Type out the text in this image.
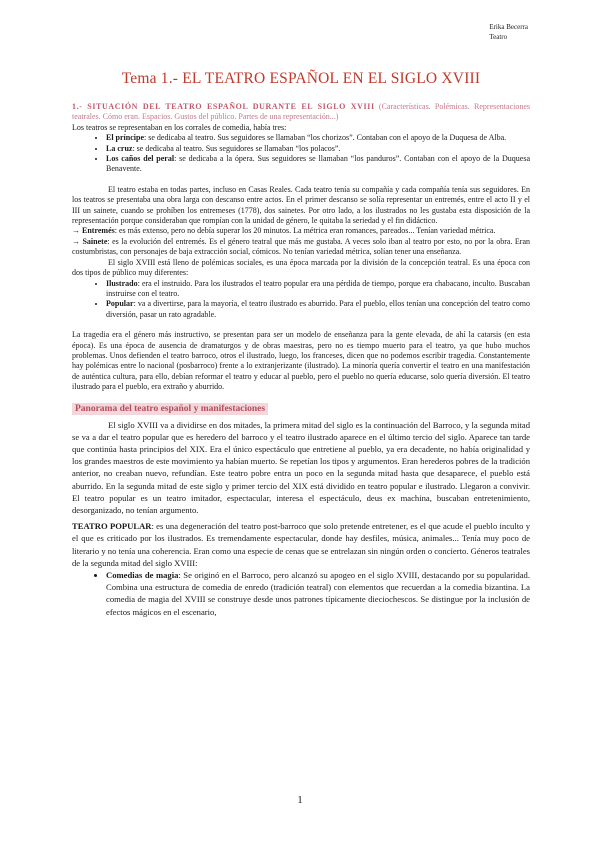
Erika Becerra
Teatro
Tema 1.- EL TEATRO ESPAÑOL EN EL SIGLO XVIII

1.- SITUACIÓN DEL TEATRO ESPAÑOL DURANTE EL SIGLO XVIII (Características. Polémicas. Representaciones teatrales. Cómo eran. Espacios. Gustos del público. Partes de una representación...)

Los teatros se representaban en los corrales de comedia, había tres:

• El príncipe: se dedicaba al teatro. Sus seguidores se llamaban “los chorizos”. Contaban con el apoyo de la Duquesa de Alba.
• La cruz: se dedicaba al teatro. Sus seguidores se llamaban “los polacos”.
• Los caños del peral: se dedicaba a la ópera. Sus seguidores se llamaban “los panduros”. Contaban con el apoyo de la Duquesa Benavente.

El teatro estaba en todas partes, incluso en Casas Reales. Cada teatro tenía su compañía y cada compañía tenía sus seguidores. En los teatros se presentaba una obra larga con descanso entre actos. En el primer descanso se solía representar un entremés, entre el acto II y el III un sainete, cuando se prohíben los entremeses (1778), dos sainetes. Por otro lado, a los ilustrados no les gustaba esta disposición de la representación porque consideraban que rompían con la unidad de género, le quitaba la seriedad y el fin didáctico.

→ Entremés: es más extenso, pero no debía superar los 20 minutos. La métrica eran romances, pareados... Tenían variedad métrica.

→ Sainete: es la evolución del entremés. Es el género teatral que más me gustaba. A veces solo iban al teatro por esto, no por la obra. Eran costumbristas, con personajes de baja extracción social, cómicos. No tenían variedad métrica, solían tener una enseñanza.

El siglo XVIII está lleno de polémicas sociales, es una época marcada por la división de la concepción teatral. Es una época con dos tipos de público muy diferentes:

• Ilustrado: era el instruido. Para los ilustrados el teatro popular era una pérdida de tiempo, porque era chabacano, inculto. Buscaban instruirse con el teatro.
• Popular: va a divertirse, para la mayoría, el teatro ilustrado es aburrido. Para el pueblo, ellos tenían una concepción del teatro como diversión, pasar un rato agradable.

La tragedia era el género más instructivo, se presentan para ser un modelo de enseñanza para la gente elevada, de ahí la catarsis (en esta época). Es una época de ausencia de dramaturgos y de obras maestras, pero no es tiempo muerto para el teatro, ya que hubo muchos problemas. Unos defienden el teatro barroco, otros el ilustrado, luego, los franceses, dicen que no podemos escribir tragedia. Constantemente hay polémicas entre lo nacional (posbarroco) frente a lo extranjerizante (ilustrado). La minoría quería convertir el teatro en una manifestación de auténtica cultura, para ello, debían reformar el teatro y educar al pueblo, pero el pueblo no quería educarse, solo quería diversión. El teatro ilustrado para el pueblo, era extraño y aburrido.

Panorama del teatro español y manifestaciones

El siglo XVIII va a dividirse en dos mitades, la primera mitad del siglo es la continuación del Barroco, y la segunda mitad se va a dar el teatro popular que es heredero del barroco y el teatro ilustrado aparece en el último tercio del siglo. Aparece tan tarde que continúa hasta principios del XIX. Era el único espectáculo que entretiene al pueblo, ya era decadente, no había originalidad y los grandes maestros de este movimiento ya habían muerto. Se repetían los tipos y argumentos. Eran herederos pobres de la tradición anterior, no creaban nuevo, refundían. Este teatro pobre entra un poco en la segunda mitad hasta que desaparece, el pueblo está aburrido. En la segunda mitad de este siglo y primer tercio del XIX está dividido en teatro popular e ilustrado. Llegaron a convivir. El teatro popular es un teatro imitador, espectacular, interesa el espectáculo, deus ex machina, buscaban entretenimiento, desorganizado, no tenían argumento.

TEATRO POPULAR: es una degeneración del teatro post-barroco que solo pretende entretener, es el que acude el pueblo inculto y el que es criticado por los ilustrados. Es tremendamente espectacular, donde hay desfiles, música, animales... Tenía muy poco de literario y no tenía una coherencia. Eran como una especie de cenas que se entrelazan sin ningún orden o concierto. Géneros teatrales de la segunda mitad del siglo XVIII:

• Comedias de magia: Se originó en el Barroco, pero alcanzó su apogeo en el siglo XVIII, destacando por su popularidad. Combina una estructura de comedia de enredo (tradición teatral) con elementos que recuerdan a la comedia bizantina. La comedia de magia del XVIII se construye desde unos patrones típicamente dieciochescos. Se distingue por la inclusión de efectos mágicos en el escenario,
1
